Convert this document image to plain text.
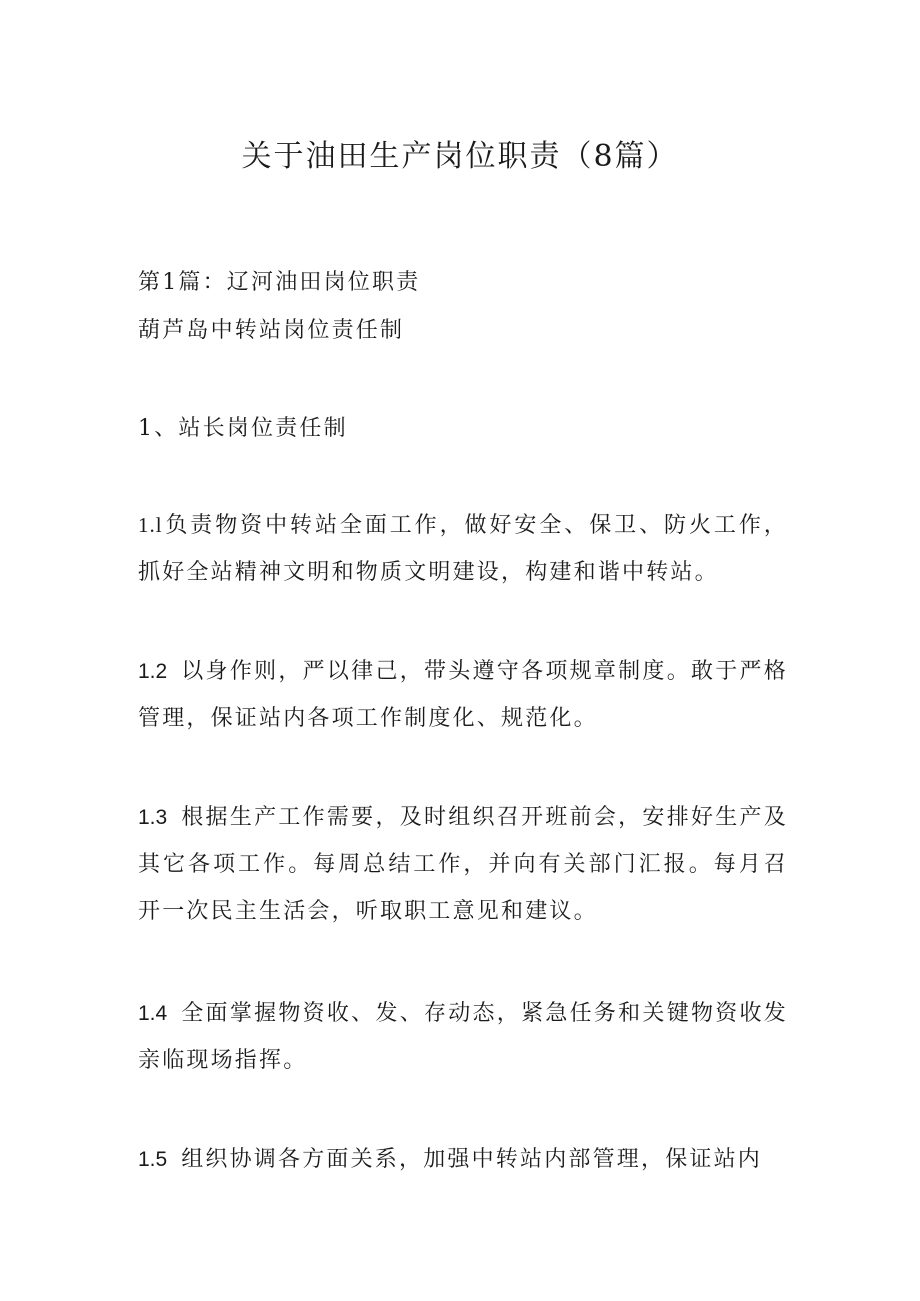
关于油田生产岗位职责（8篇）
第1篇：辽河油田岗位职责
葫芦岛中转站岗位责任制
1、站长岗位责任制
1.l负责物资中转站全面工作，做好安全、保卫、防火工作，抓好全站精神文明和物质文明建设，构建和谐中转站。
1.2 以身作则，严以律己，带头遵守各项规章制度。敢于严格管理，保证站内各项工作制度化、规范化。
1.3 根据生产工作需要，及时组织召开班前会，安排好生产及其它各项工作。每周总结工作，并向有关部门汇报。每月召开一次民主生活会，听取职工意见和建议。
1.4 全面掌握物资收、发、存动态，紧急任务和关键物资收发亲临现场指挥。
1.5 组织协调各方面关系，加强中转站内部管理，保证站内
